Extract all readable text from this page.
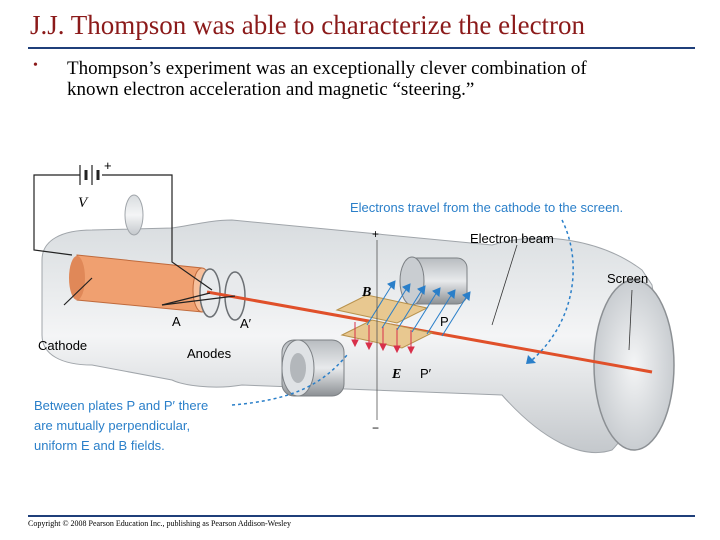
J.J. Thompson was able to characterize the electron
• Thompson’s experiment was an exceptionally clever combination of known electron acceleration and magnetic “steering.”
+
V	Electrons travel from the cathode to the screen.
Electron beam
Screen
+
−
B
E
P
P′
A	A′
Cathode
Anodes
Between plates P and P′ there
are mutually perpendicular,
uniform E and B fields.
Copyright © 2008 Pearson Education Inc., publishing as Pearson Addison-Wesley
